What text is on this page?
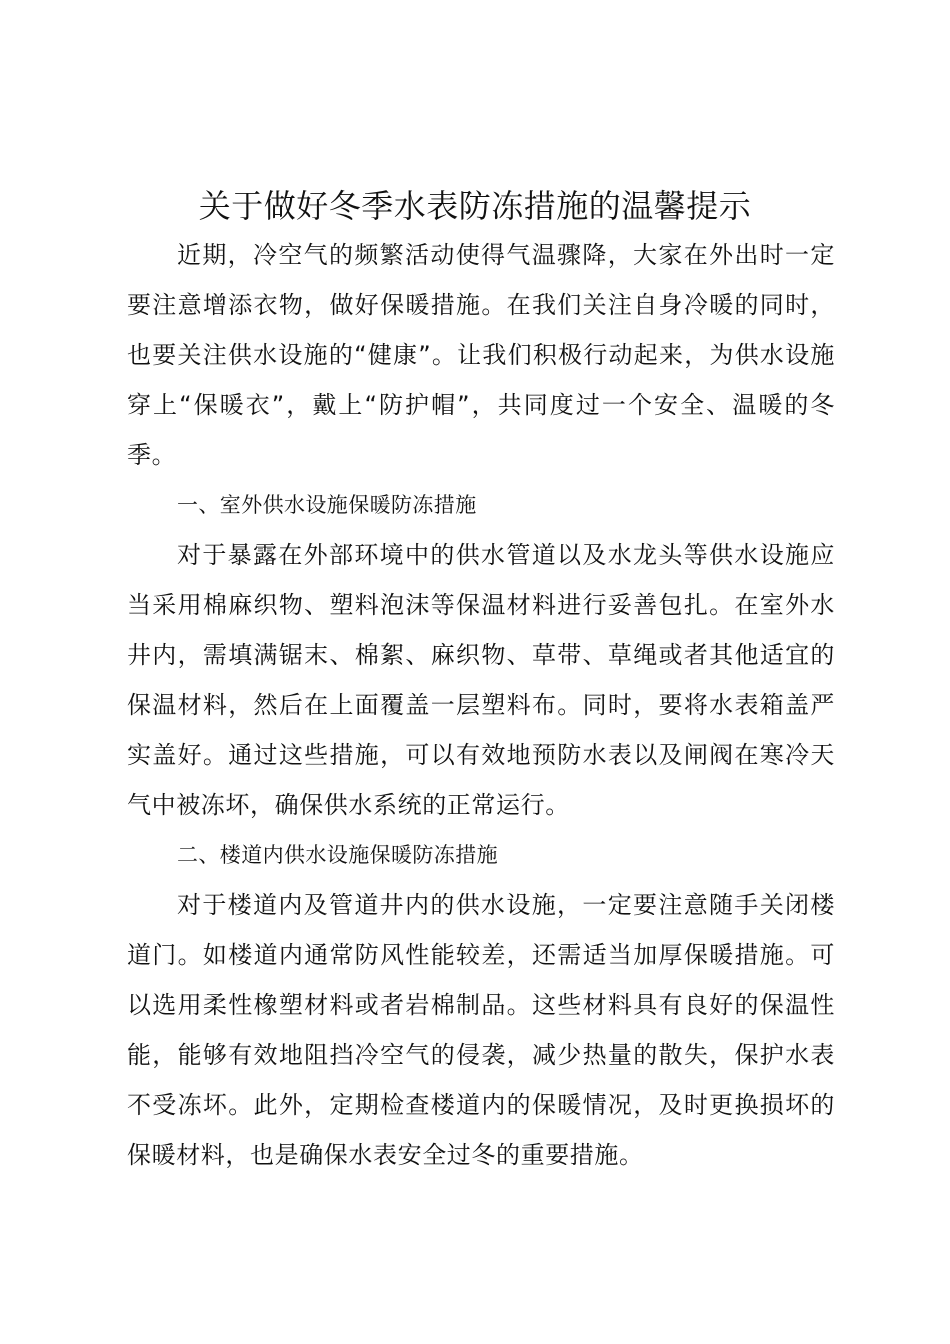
关于做好冬季水表防冻措施的温馨提示

近期，冷空气的频繁活动使得气温骤降，大家在外出时一定要注意增添衣物，做好保暖措施。在我们关注自身冷暖的同时，也要关注供水设施的“健康”。让我们积极行动起来，为供水设施穿上“保暖衣”，戴上“防护帽”，共同度过一个安全、温暖的冬季。

一、室外供水设施保暖防冻措施

对于暴露在外部环境中的供水管道以及水龙头等供水设施应当采用棉麻织物、塑料泡沫等保温材料进行妥善包扎。在室外水井内，需填满锯末、棉絮、麻织物、草带、草绳或者其他适宜的保温材料，然后在上面覆盖一层塑料布。同时，要将水表箱盖严实盖好。通过这些措施，可以有效地预防水表以及闸阀在寒冷天气中被冻坏，确保供水系统的正常运行。

二、楼道内供水设施保暖防冻措施

对于楼道内及管道井内的供水设施，一定要注意随手关闭楼道门。如楼道内通常防风性能较差，还需适当加厚保暖措施。可以选用柔性橡塑材料或者岩棉制品。这些材料具有良好的保温性能，能够有效地阻挡冷空气的侵袭，减少热量的散失，保护水表不受冻坏。此外，定期检查楼道内的保暖情况，及时更换损坏的保暖材料，也是确保水表安全过冬的重要措施。
